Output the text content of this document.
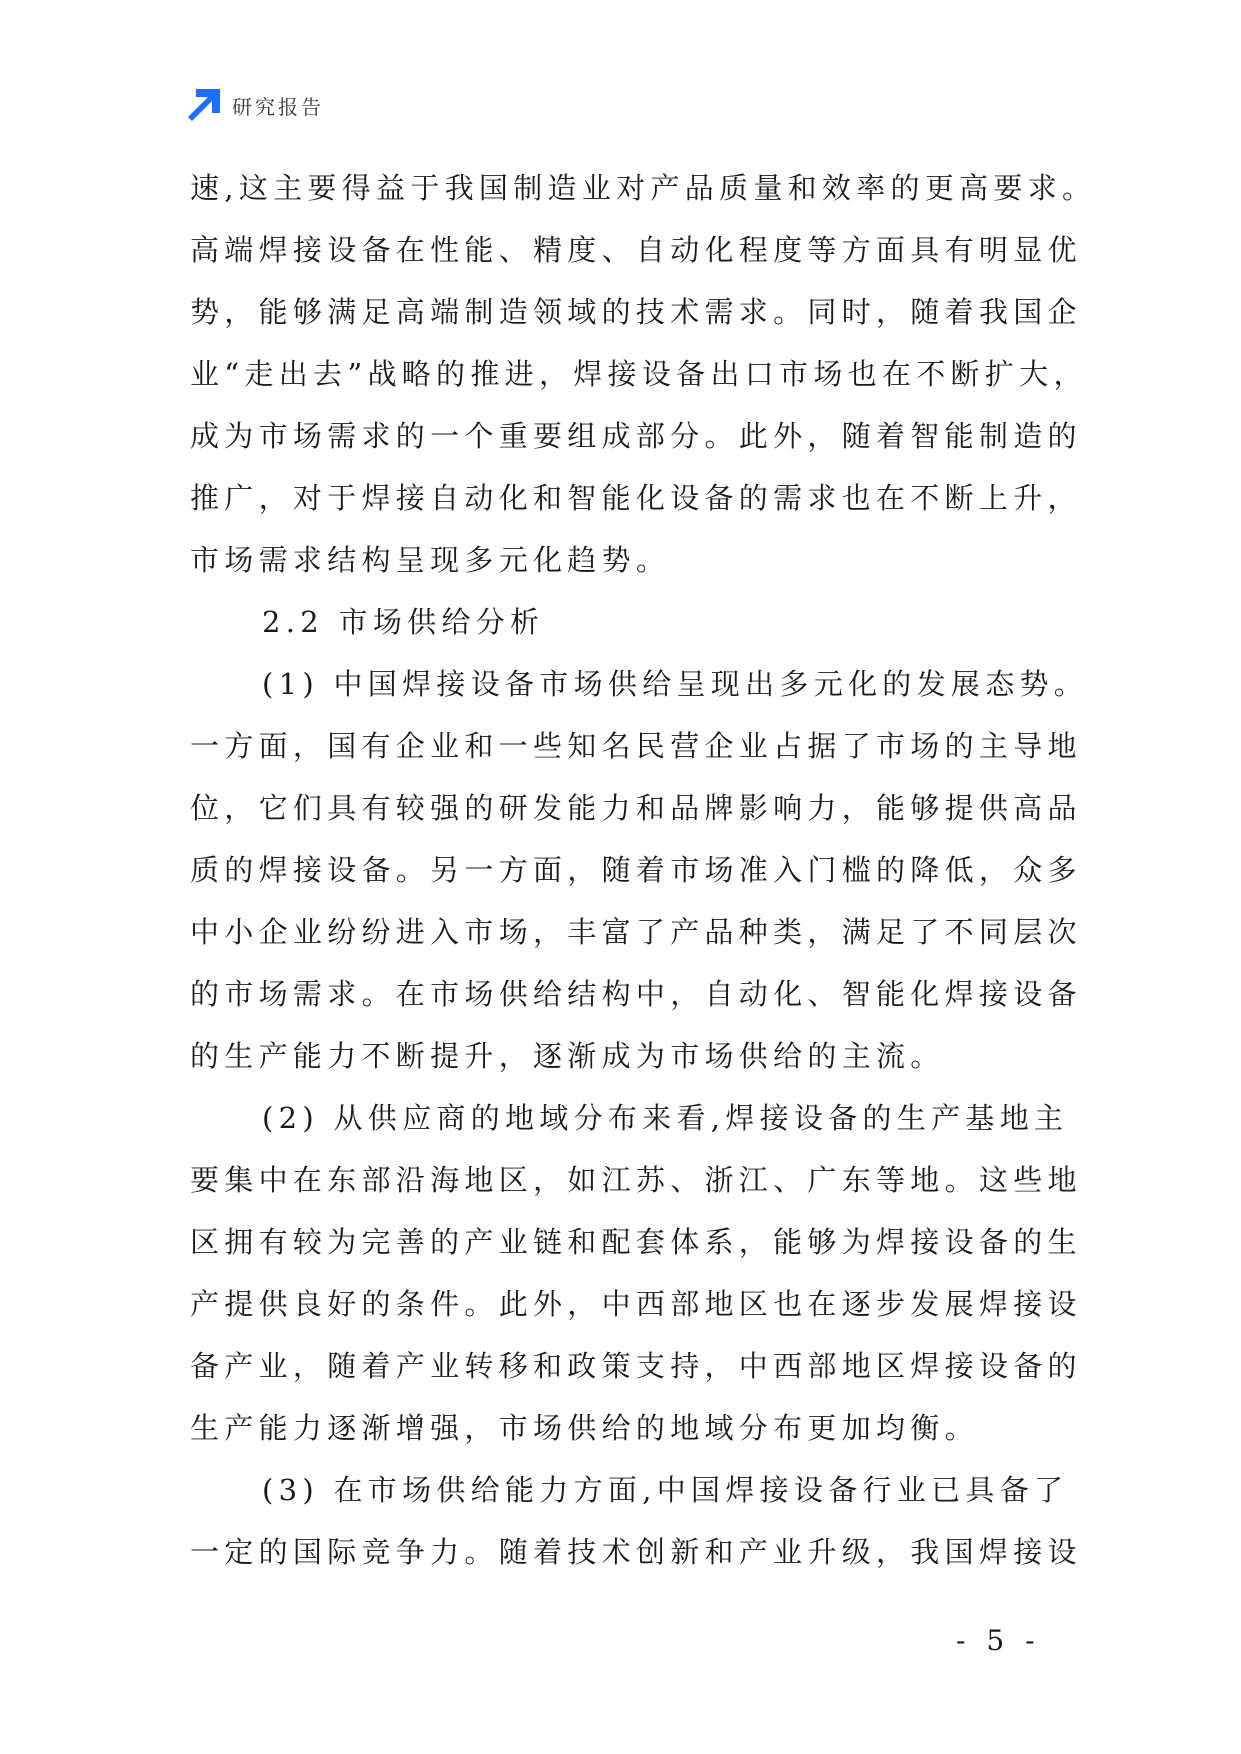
研究报告
速,这主要得益于我国制造业对产品质量和效率的更高要求。
高端焊接设备在性能、精度、自动化程度等方面具有明显优
势，能够满足高端制造领域的技术需求。同时，随着我国企
业“走出去”战略的推进，焊接设备出口市场也在不断扩大，
成为市场需求的一个重要组成部分。此外，随着智能制造的
推广，对于焊接自动化和智能化设备的需求也在不断上升，
市场需求结构呈现多元化趋势。
2.2 市场供给分析
(1) 中国焊接设备市场供给呈现出多元化的发展态势。
一方面，国有企业和一些知名民营企业占据了市场的主导地
位，它们具有较强的研发能力和品牌影响力，能够提供高品
质的焊接设备。另一方面，随着市场准入门槛的降低，众多
中小企业纷纷进入市场，丰富了产品种类，满足了不同层次
的市场需求。在市场供给结构中，自动化、智能化焊接设备
的生产能力不断提升，逐渐成为市场供给的主流。
(2) 从供应商的地域分布来看,焊接设备的生产基地主
要集中在东部沿海地区，如江苏、浙江、广东等地。这些地
区拥有较为完善的产业链和配套体系，能够为焊接设备的生
产提供良好的条件。此外，中西部地区也在逐步发展焊接设
备产业，随着产业转移和政策支持，中西部地区焊接设备的
生产能力逐渐增强，市场供给的地域分布更加均衡。
(3) 在市场供给能力方面,中国焊接设备行业已具备了
一定的国际竞争力。随着技术创新和产业升级，我国焊接设
- 5 -
